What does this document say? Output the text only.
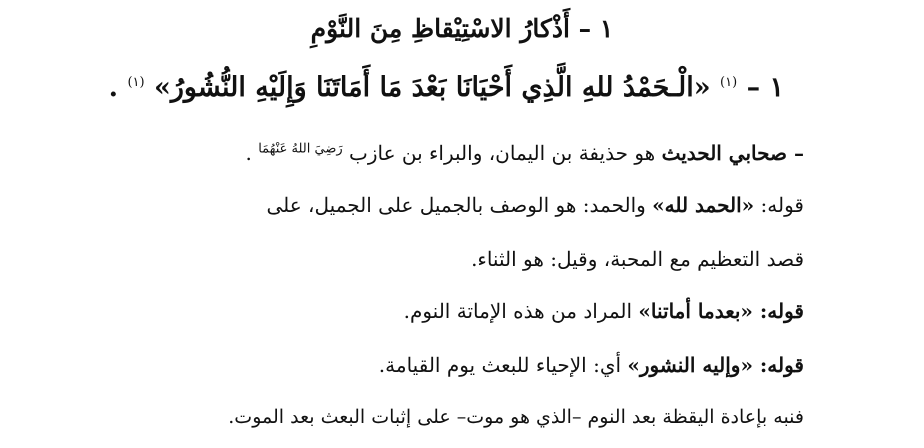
١ – أَذْكارُ الاسْتِيْقاظِ مِنَ النَّوْمِ
١ – $^{(١)}$ «الْـحَمْدُ للهِ الَّذِي أَحْيَانَا بَعْدَ مَا أَمَاتَنَا وَإِلَيْهِ النُّشُورُ» $^{(١)}$ .
– صحابي الحديث هو حذيفة بن اليمان، والبراء بن عازب $^{رَضِيَ اللهُ عَنْهُمَا}$ .
قوله: «الحمد لله» والحمد: هو الوصف بالجميل على الجميل، على
قصد التعظيم مع المحبة، وقيل: هو الثناء.
قوله: «بعدما أماتنا» المراد من هذه الإماتة النوم.
قوله: «وإليه النشور» أي: الإحياء للبعث يوم القيامة.
فنبه بإعادة اليقظة بعد النوم –الذي هو موت– على إثبات البعث بعد الموت.
